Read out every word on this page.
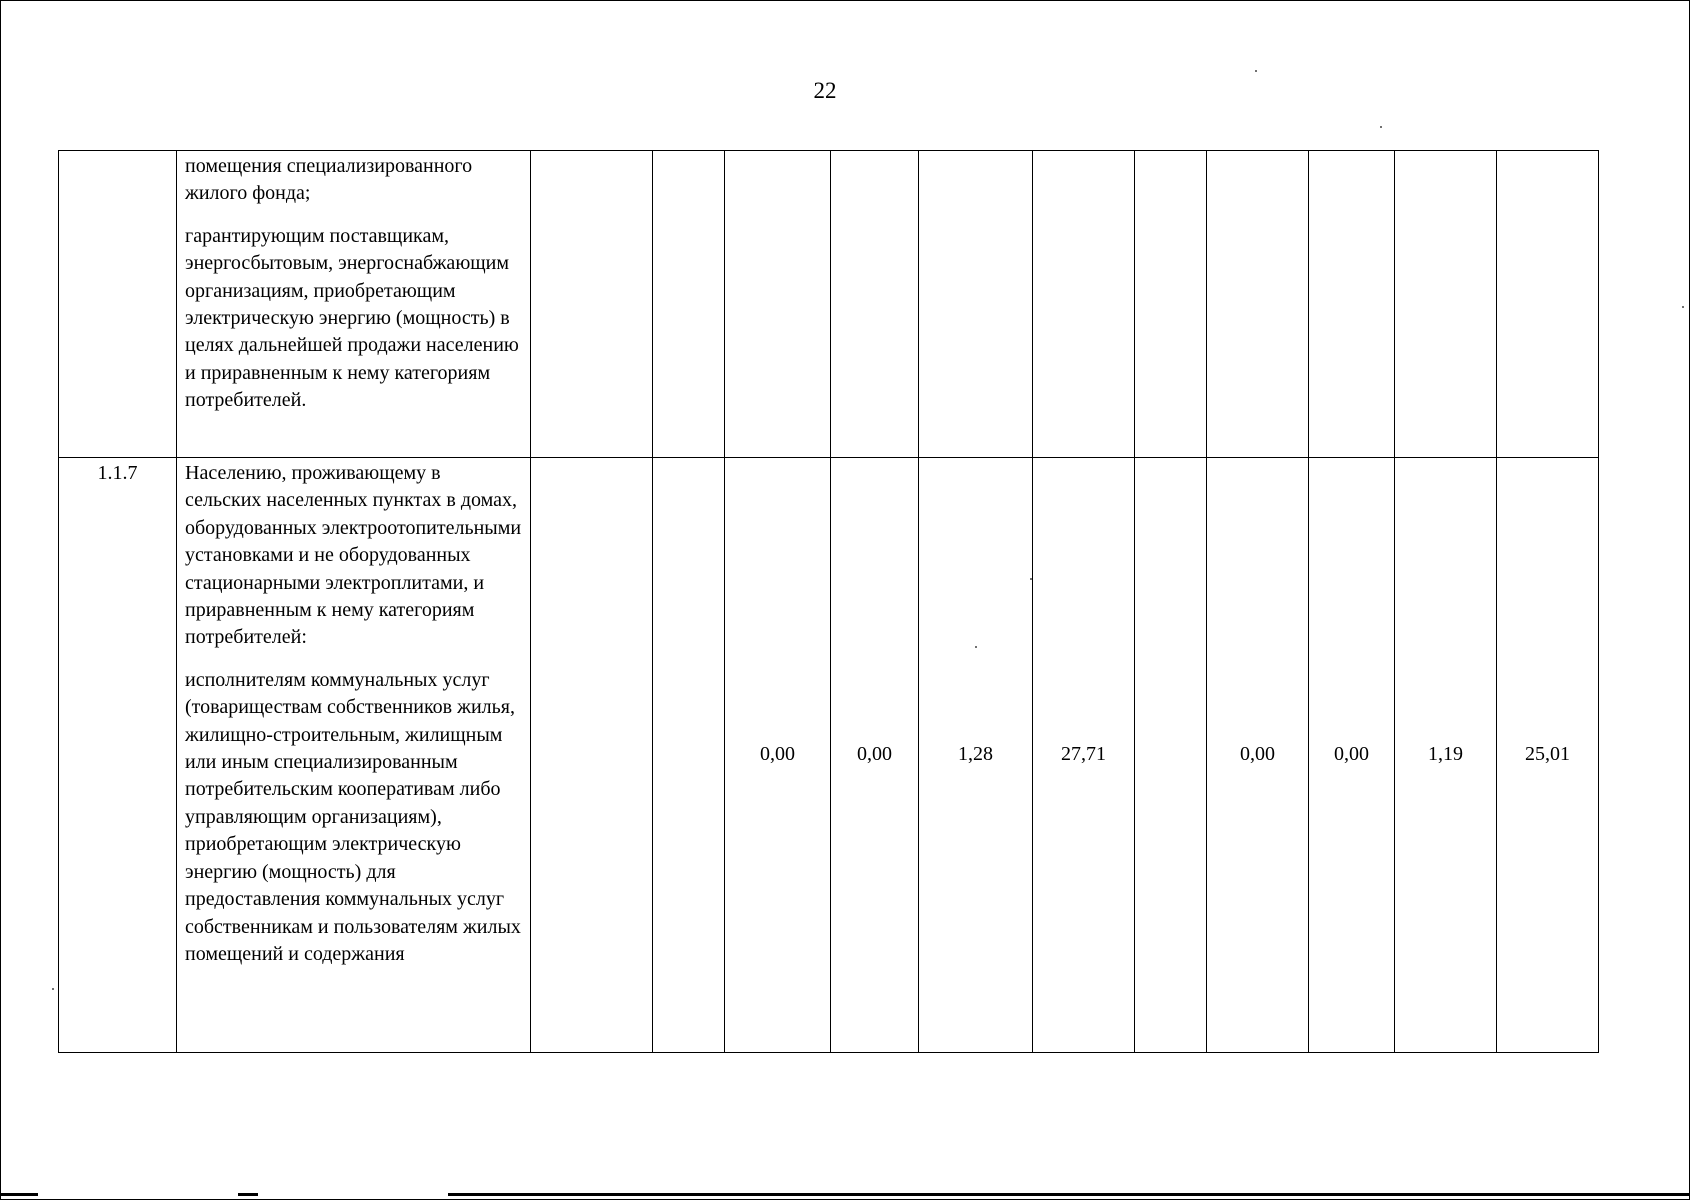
22

	помещения специализированного жилого фонда;

гарантирующим поставщикам, энергосбытовым, энергоснабжающим организациям, приобретающим электрическую энергию (мощность) в целях дальнейшей продажи населению и приравненным к нему категориям потребителей.											

1.1.7	Населению, проживающему в сельских населенных пунктах в домах, оборудованных электроотопительными установками и не оборудованных стационарными электроплитами, и приравненным к нему категориям потребителей:

исполнителям коммунальных услуг (товариществам собственников жилья, жилищно-строительным, жилищным или иным специализированным потребительским кооперативам либо управляющим организациям), приобретающим электрическую энергию (мощность) для предоставления коммунальных услуг собственникам и пользователям жилых помещений и содержания			0,00	0,00	1,28	27,71		0,00	0,00	1,19	25,01
